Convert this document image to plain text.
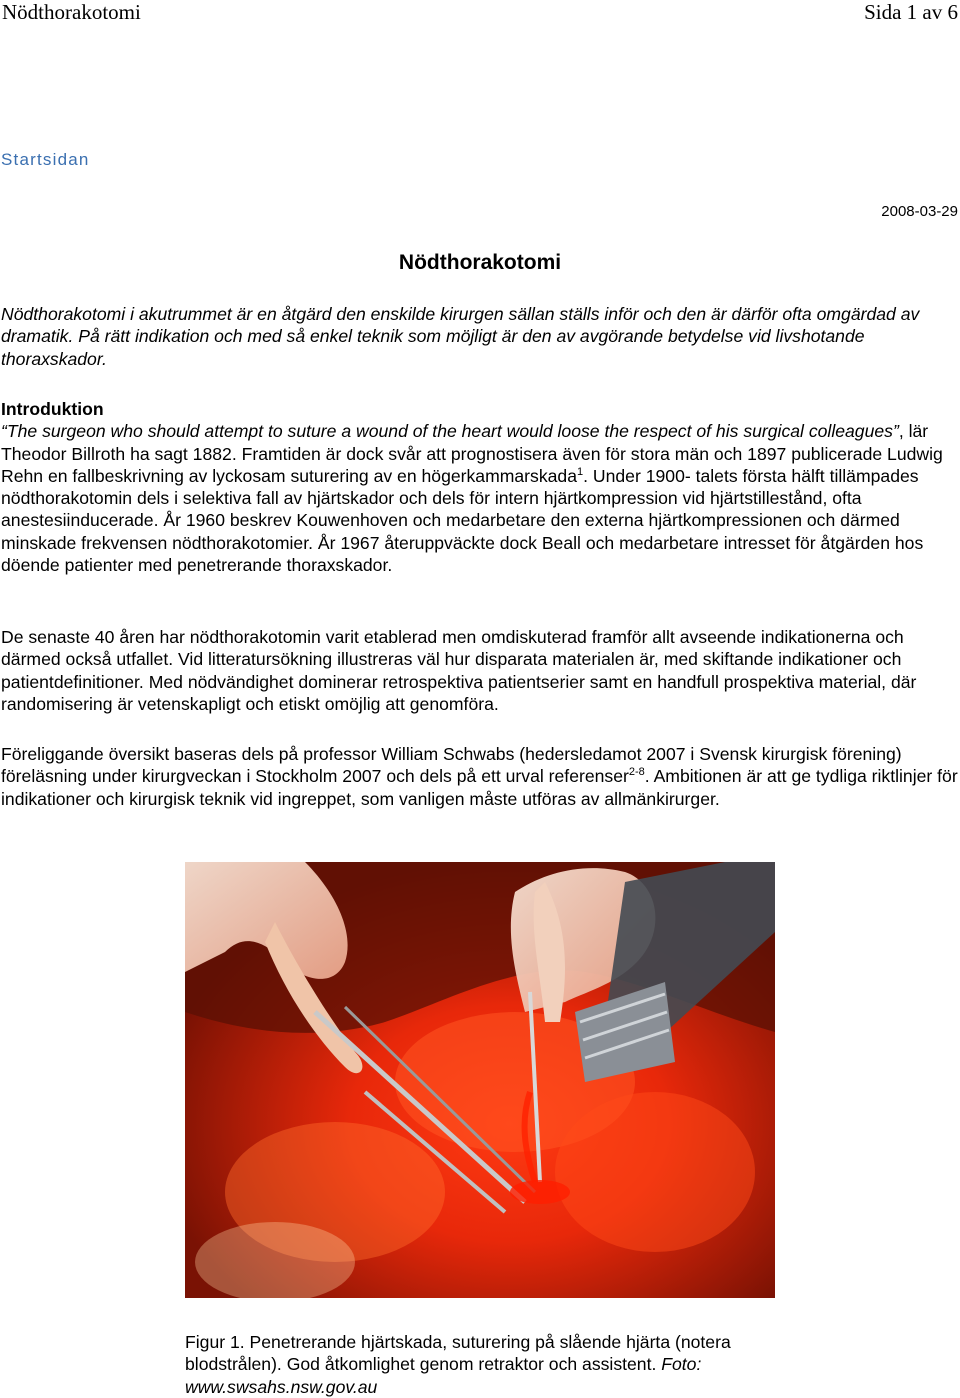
Nödthorakotomi	Sida 1 av 6
Startsidan
2008-03-29
Nödthorakotomi

Nödthorakotomi i akutrummet är en åtgärd den enskilde kirurgen sällan ställs inför och den är därför ofta omgärdad av dramatik. På rätt indikation och med så enkel teknik som möjligt är den av avgörande betydelse vid livshotande thoraxskador.

Introduktion

“The surgeon who should attempt to suture a wound of the heart would loose the respect of his surgical colleagues”, lär Theodor Billroth ha sagt 1882. Framtiden är dock svår att prognostisera även för stora män och 1897 publicerade Ludwig Rehn en fallbeskrivning av lyckosam suturering av en högerkammarskada$^1$. Under 1900- talets första hälft tillämpades nödthorakotomin dels i selektiva fall av hjärtskador och dels för intern hjärtkompression vid hjärtstillestånd, ofta anestesiinducerade. År 1960 beskrev Kouwenhoven och medarbetare den externa hjärtkompressionen och därmed minskade frekvensen nödthorakotomier. År 1967 återuppväckte dock Beall och medarbetare intresset för åtgärden hos döende patienter med penetrerande thoraxskador.

De senaste 40 åren har nödthorakotomin varit etablerad men omdiskuterad framför allt avseende indikationerna och därmed också utfallet. Vid litteratursökning illustreras väl hur disparata materialen är, med skiftande indikationer och patientdefinitioner. Med nödvändighet dominerar retrospektiva patientserier samt en handfull prospektiva material, där randomisering är vetenskapligt och etiskt omöjlig att genomföra.

Föreliggande översikt baseras dels på professor William Schwabs (hedersledamot 2007 i Svensk kirurgisk förening) föreläsning under kirurgveckan i Stockholm 2007 och dels på ett urval referenser$^{2-8}$. Ambitionen är att ge tydliga riktlinjer för indikationer och kirurgisk teknik vid ingreppet, som vanligen måste utföras av allmänkirurger.

Figur 1. Penetrerande hjärtskada, suturering på slående hjärta (notera blodstrålen). God åtkomlighet genom retraktor och assistent. Foto: www.swsahs.nsw.gov.au
